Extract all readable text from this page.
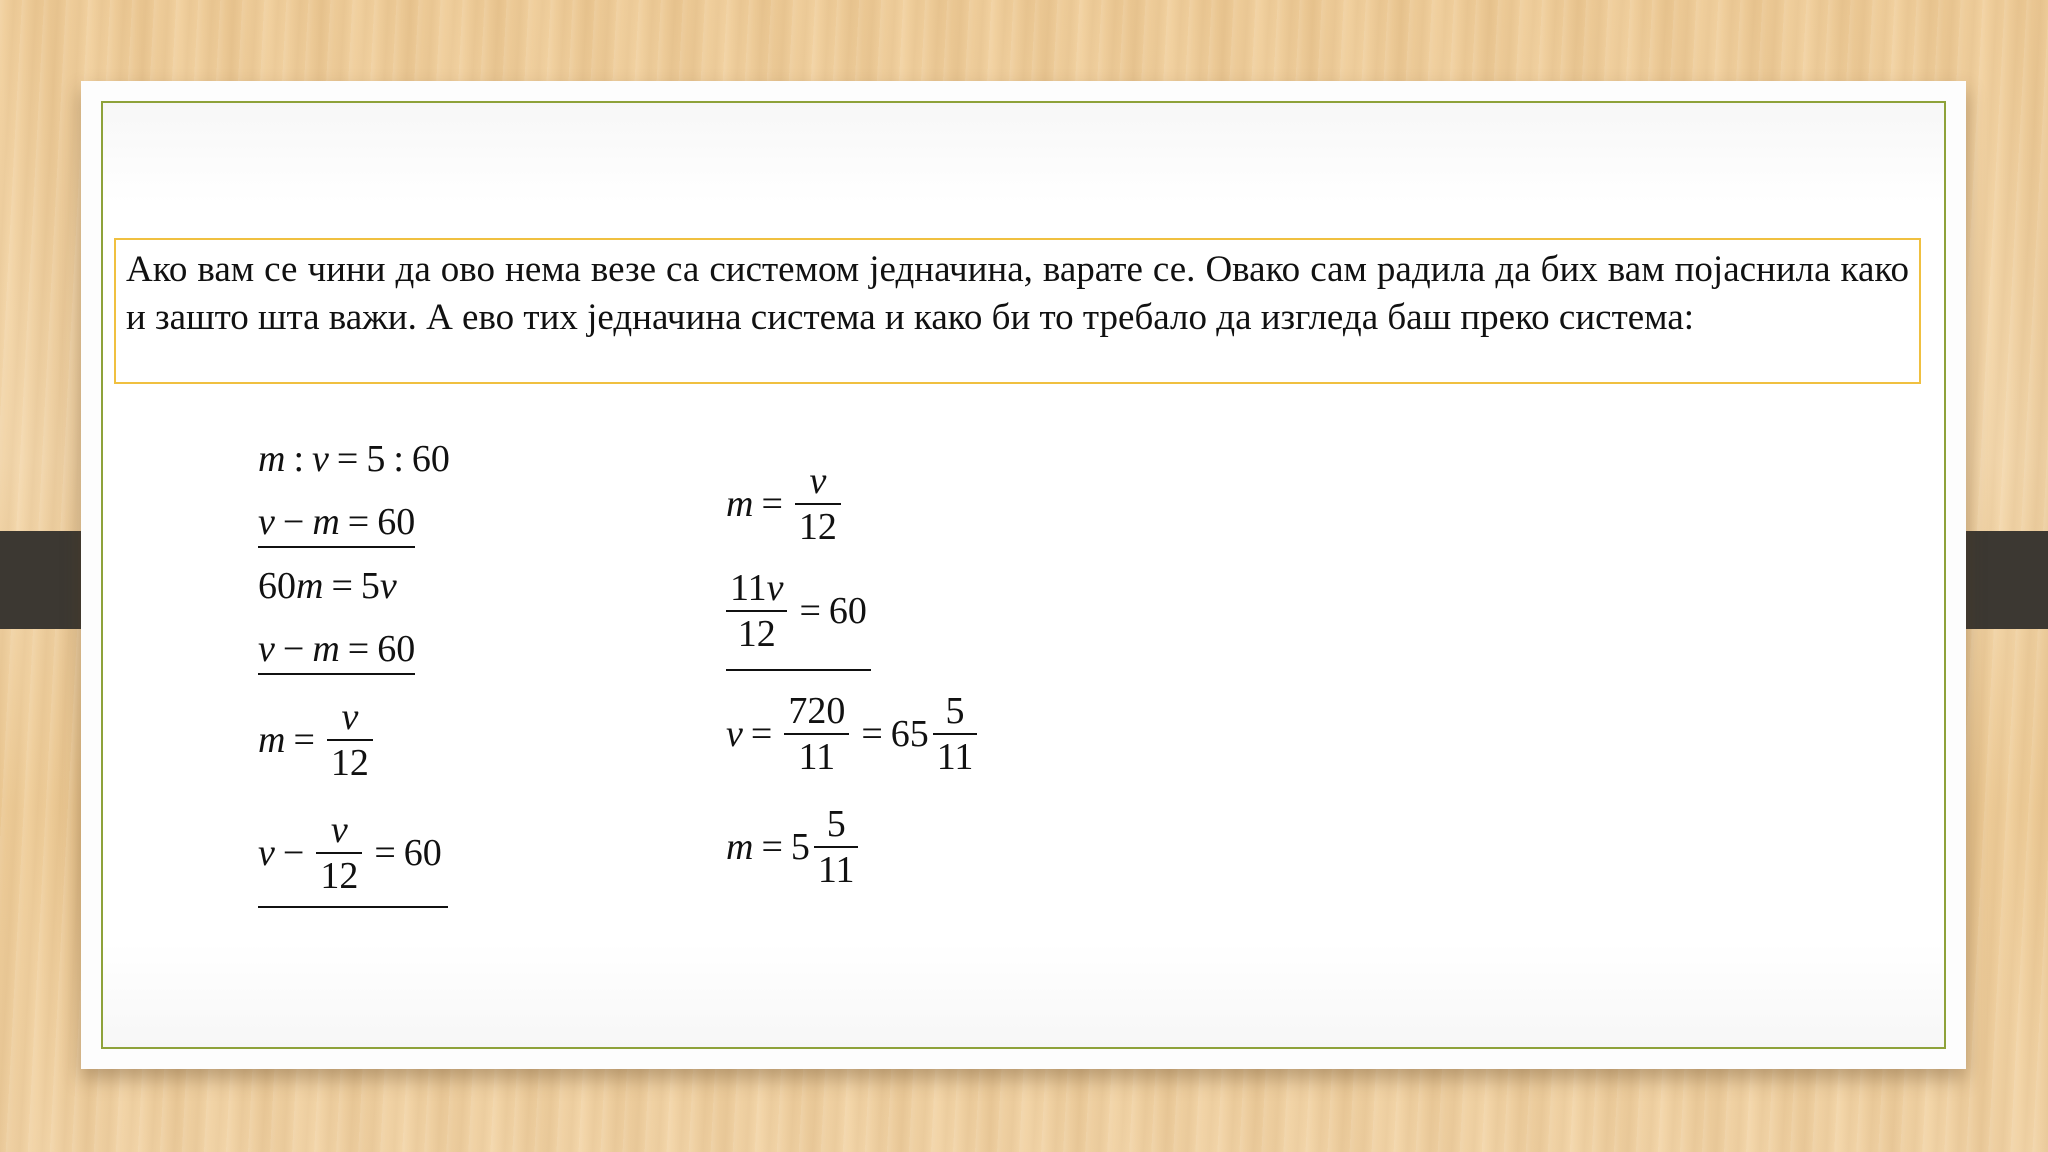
Ако вам се чини да ово нема везе са системом једначина, варате се. Овако сам радила да бих вам појаснила како и зашто шта важи. А ево тих једначина система и како би то требало да изгледа баш преко система:

m : v = 5 : 60
v − m = 60
60 m = 5 v
v − m = 60
$m = \frac{v}{12}$
$v - \frac{v}{12} = 60$
$m = \frac{v}{12}$
$\frac{11v}{12} = 60$
$v = \frac{720}{11} = 65 \frac{5}{11}$
$m = 5 \frac{5}{11}$
